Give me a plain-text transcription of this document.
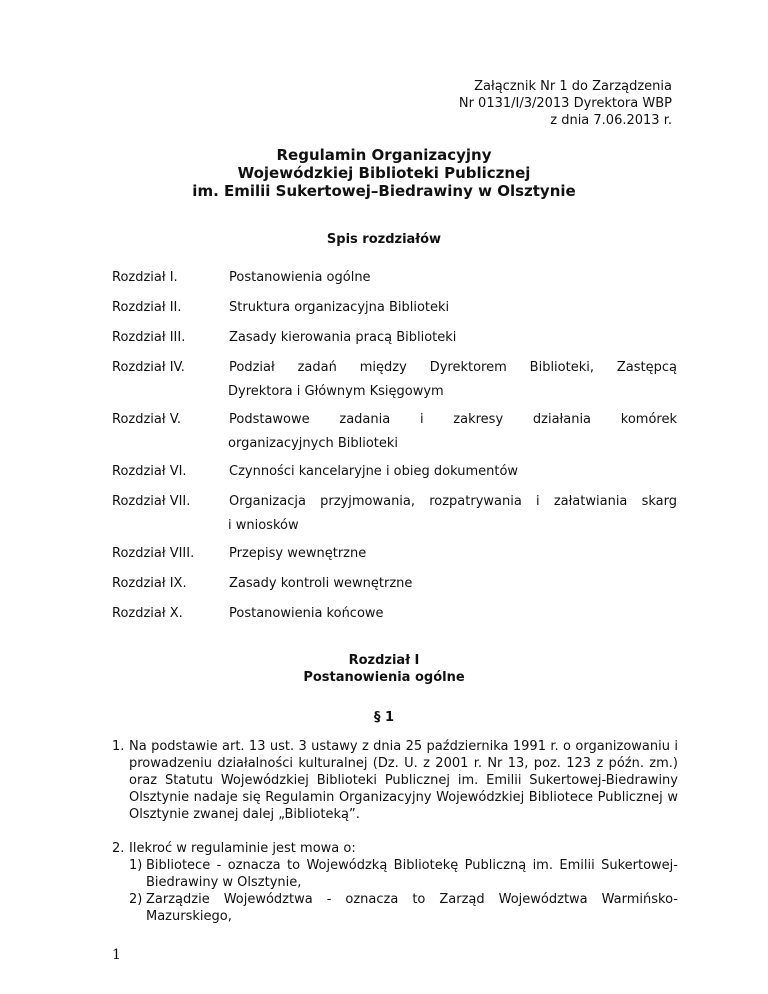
Załącznik Nr 1 do Zarządzenia
Nr 0131/I/3/2013 Dyrektora WBP
z dnia 7.06.2013 r.
Regulamin Organizacyjny
Wojewódzkiej Biblioteki Publicznej
im. Emilii Sukertowej–Biedrawiny w Olsztynie
Spis rozdziałów
Rozdział I.	Postanowienia ogólne
Rozdział II.	Struktura organizacyjna Biblioteki
Rozdział III.	Zasady kierowania pracą Biblioteki
Rozdział IV.	Podział zadań między Dyrektorem Biblioteki, Zastępcą
Dyrektora i Głównym Księgowym
Rozdział V.	Podstawowe zadania i zakresy działania komórek
organizacyjnych Biblioteki
Rozdział VI.	Czynności kancelaryjne i obieg dokumentów
Rozdział VII.	Organizacja przyjmowania, rozpatrywania i załatwiania skarg
i wniosków
Rozdział VIII.	Przepisy wewnętrzne
Rozdział IX.	Zasady kontroli wewnętrzne
Rozdział X.	Postanowienia końcowe
Rozdział I
Postanowienia ogólne
§ 1
1. Na podstawie art. 13 ust. 3 ustawy z dnia 25 października 1991 r. o organizowaniu i prowadzeniu działalności kulturalnej (Dz. U. z 2001 r. Nr 13, poz. 123 z późn. zm.) oraz Statutu Wojewódzkiej Biblioteki Publicznej im. Emilii Sukertowej-Biedrawiny Olsztynie nadaje się Regulamin Organizacyjny Wojewódzkiej Bibliotece Publicznej w Olsztynie zwanej dalej „Biblioteką”.
2. Ilekroć w regulaminie jest mowa o:
1) Bibliotece - oznacza to Wojewódzką Bibliotekę Publiczną im. Emilii Sukertowej-Biedrawiny w Olsztynie,
2) Zarządzie Województwa - oznacza to Zarząd Województwa Warmińsko-Mazurskiego,
1
